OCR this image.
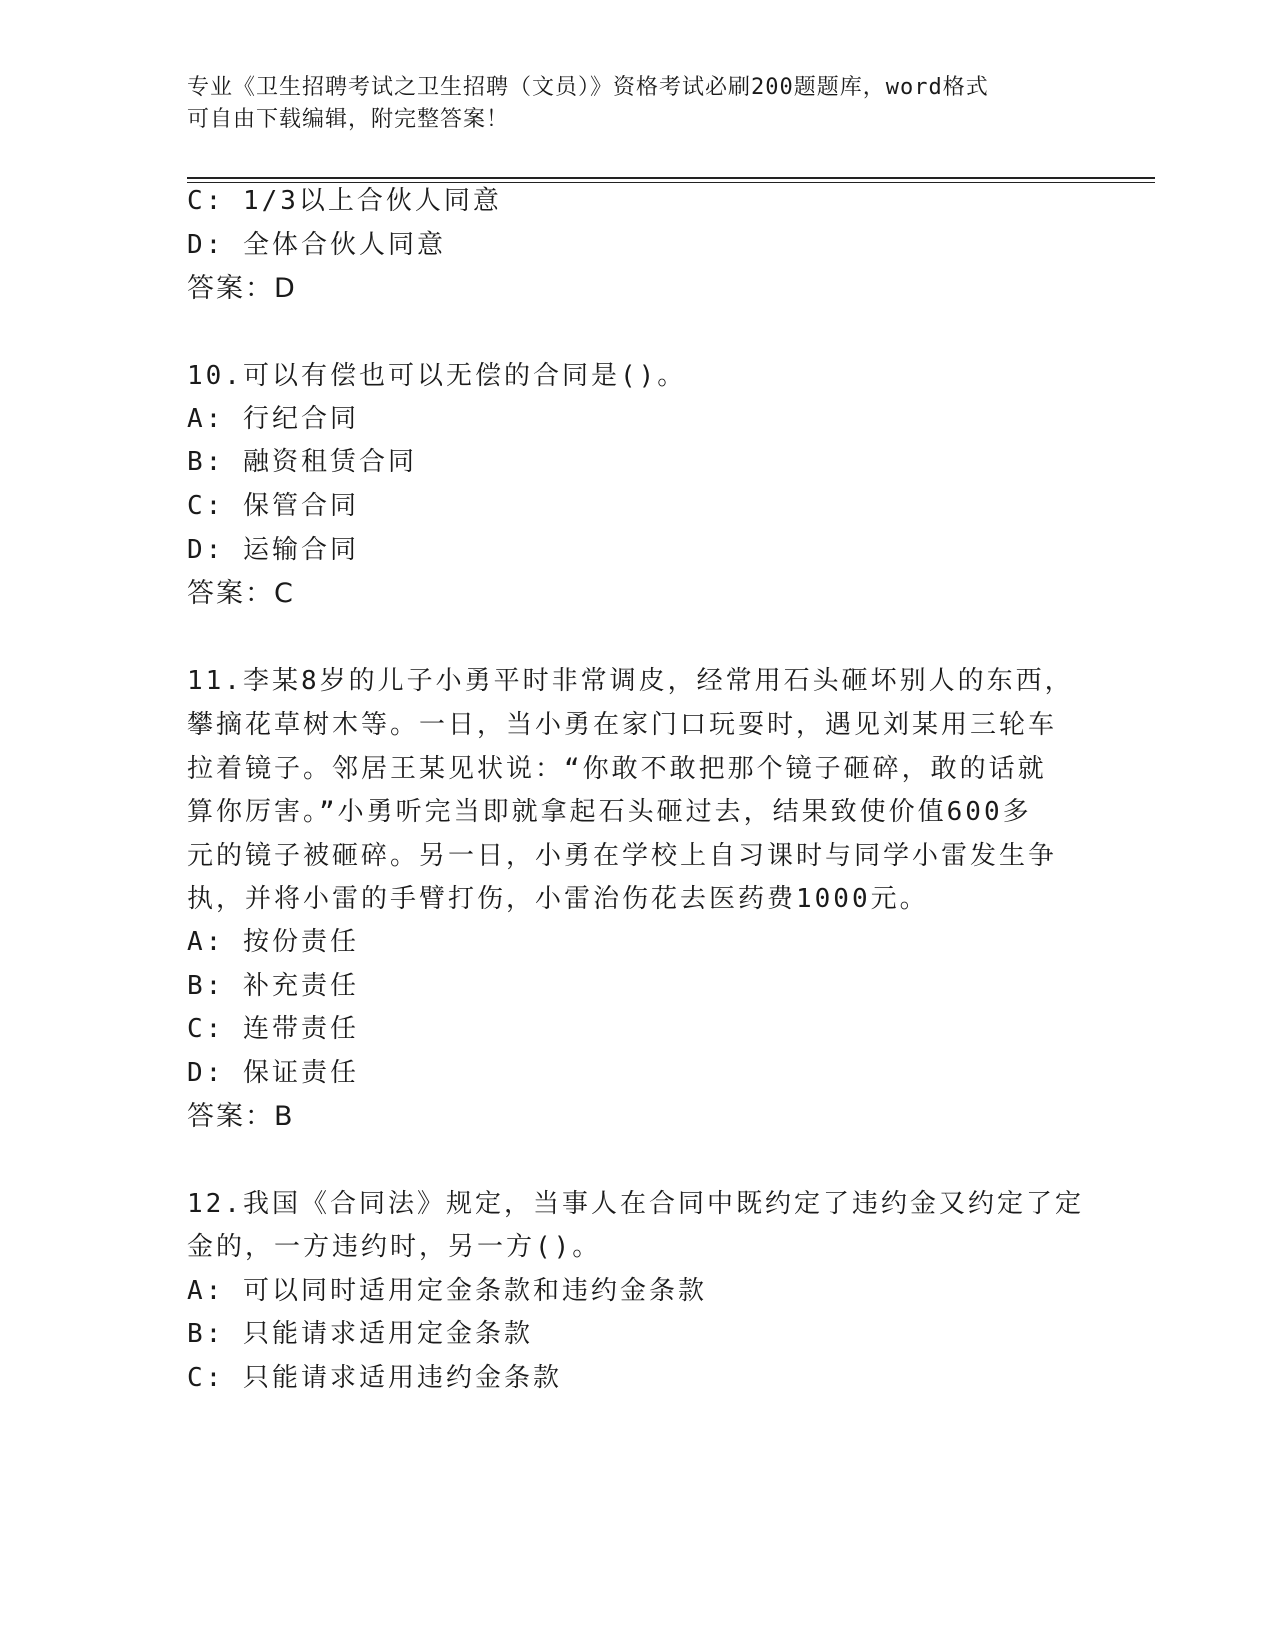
专业《卫生招聘考试之卫生招聘（文员）》资格考试必刷200题题库，word格式
可自由下载编辑，附完整答案！
C: 1/3以上合伙人同意
D: 全体合伙人同意
答案：D
10.可以有偿也可以无偿的合同是()。
A: 行纪合同
B: 融资租赁合同
C: 保管合同
D: 运输合同
答案：C
11.李某8岁的儿子小勇平时非常调皮，经常用石头砸坏别人的东西，
攀摘花草树木等。一日，当小勇在家门口玩耍时，遇见刘某用三轮车
拉着镜子。邻居王某见状说：“你敢不敢把那个镜子砸碎，敢的话就
算你厉害。”小勇听完当即就拿起石头砸过去，结果致使价值600多
元的镜子被砸碎。另一日，小勇在学校上自习课时与同学小雷发生争
执，并将小雷的手臂打伤，小雷治伤花去医药费1000元。
A: 按份责任
B: 补充责任
C: 连带责任
D: 保证责任
答案：B
12.我国《合同法》规定，当事人在合同中既约定了违约金又约定了定
金的，一方违约时，另一方()。
A: 可以同时适用定金条款和违约金条款
B: 只能请求适用定金条款
C: 只能请求适用违约金条款
